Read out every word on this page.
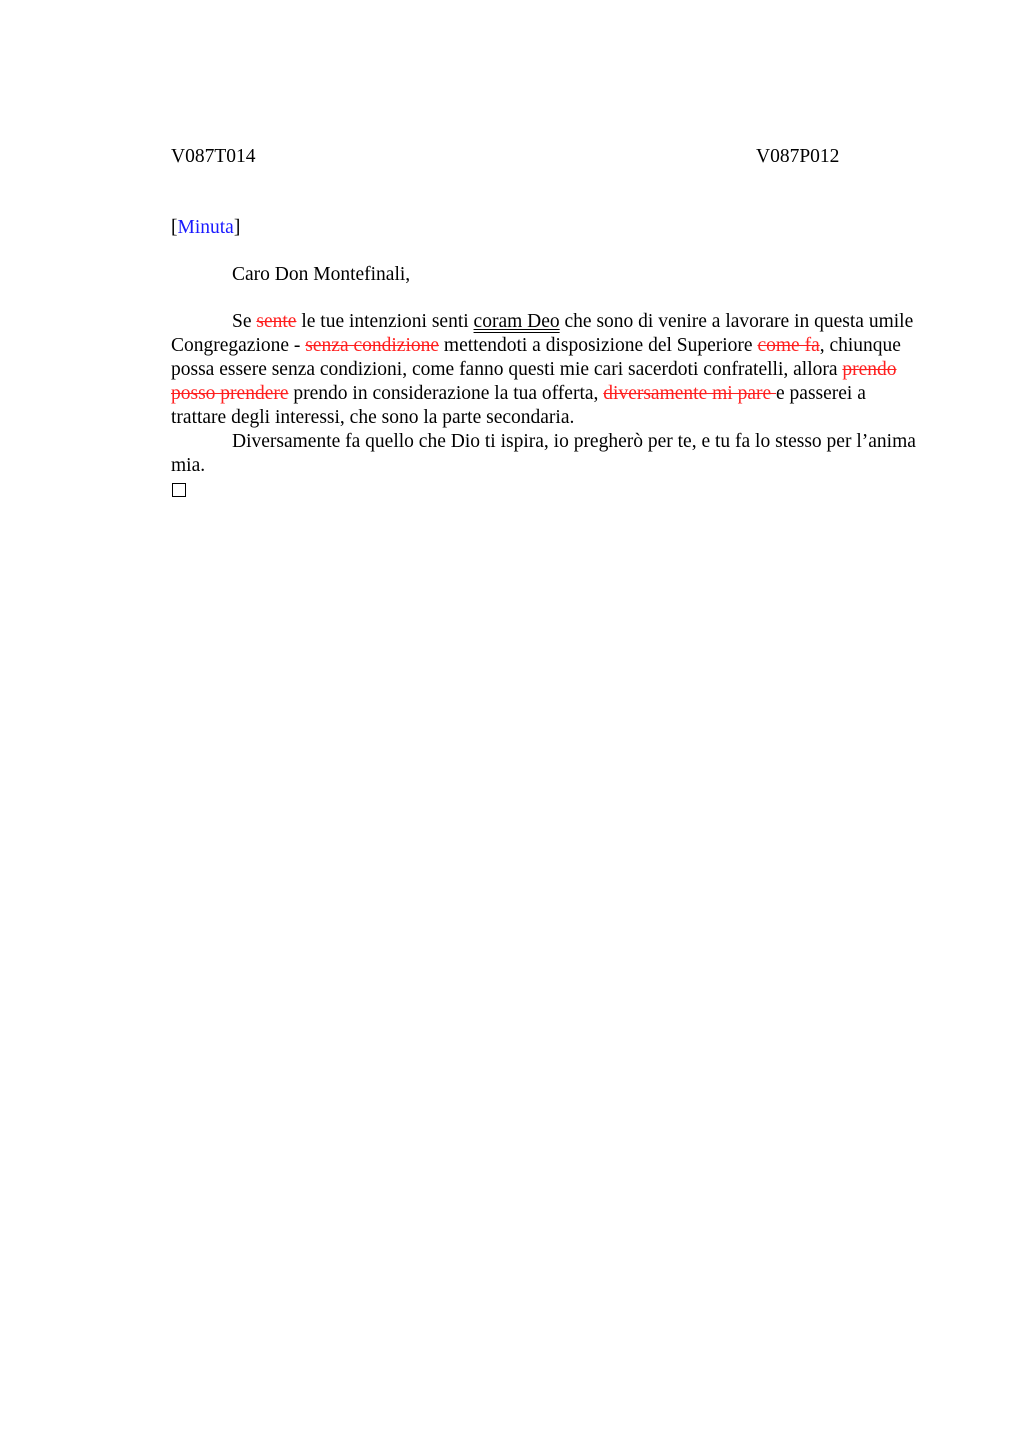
V087T014	V087P012
[Minuta]
Caro Don Montefinali,

Se sente le tue intenzioni senti coram Deo che sono di venire a lavorare in questa umile Congregazione - senza condizione mettendoti a disposizione del Superiore come fa, chiunque possa essere senza condizioni, come fanno questi mie cari sacerdoti confratelli, allora prendo posso prendere prendo in considerazione la tua offerta, diversamente mi pare e passerei a trattare degli interessi, che sono la parte secondaria.

Diversamente fa quello che Dio ti ispira, io pregherò per te, e tu fa lo stesso per l’anima mia.
